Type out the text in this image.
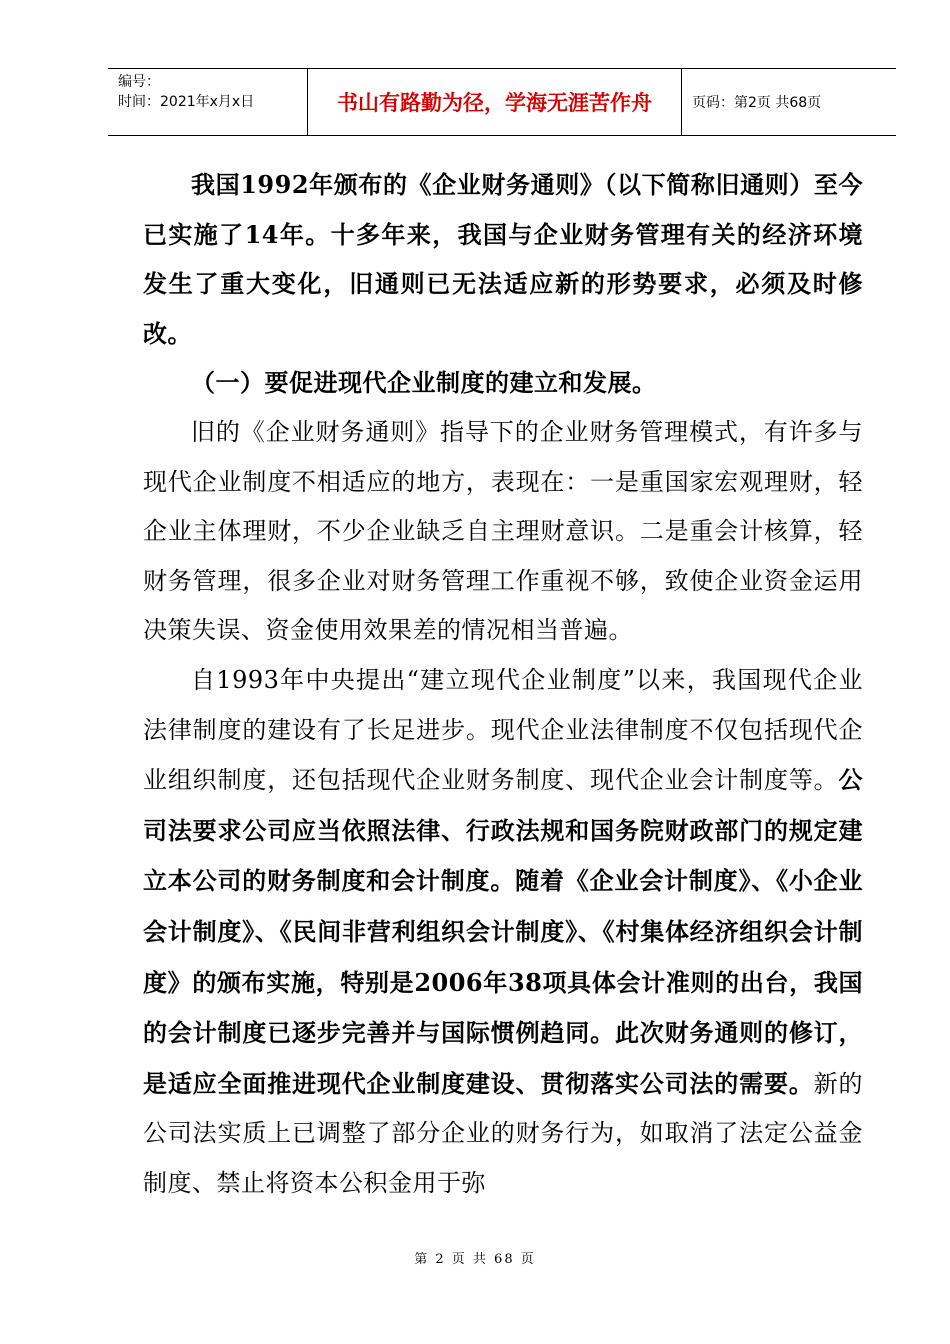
编号：
时间：2021年x月x日	书山有路勤为径，学海无涯苦作舟	页码：第2页 共68页

我国1992年颁布的《企业财务通则》（以下简称旧通则）至今已实施了14年。十多年来，我国与企业财务管理有关的经济环境发生了重大变化，旧通则已无法适应新的形势要求，必须及时修改。

（一）要促进现代企业制度的建立和发展。

旧的《企业财务通则》指导下的企业财务管理模式，有许多与现代企业制度不相适应的地方，表现在：一是重国家宏观理财，轻企业主体理财，不少企业缺乏自主理财意识。二是重会计核算，轻财务管理，很多企业对财务管理工作重视不够，致使企业资金运用决策失误、资金使用效果差的情况相当普遍。

自1993年中央提出“建立现代企业制度”以来，我国现代企业法律制度的建设有了长足进步。现代企业法律制度不仅包括现代企业组织制度，还包括现代企业财务制度、现代企业会计制度等。公司法要求公司应当依照法律、行政法规和国务院财政部门的规定建立本公司的财务制度和会计制度。随着《企业会计制度》、《小企业会计制度》、《民间非营利组织会计制度》、《村集体经济组织会计制度》的颁布实施，特别是2006年38项具体会计准则的出台，我国的会计制度已逐步完善并与国际惯例趋同。此次财务通则的修订，是适应全面推进现代企业制度建设、贯彻落实公司法的需要。新的公司法实质上已调整了部分企业的财务行为，如取消了法定公益金制度、禁止将资本公积金用于弥

第 2 页 共 68 页
